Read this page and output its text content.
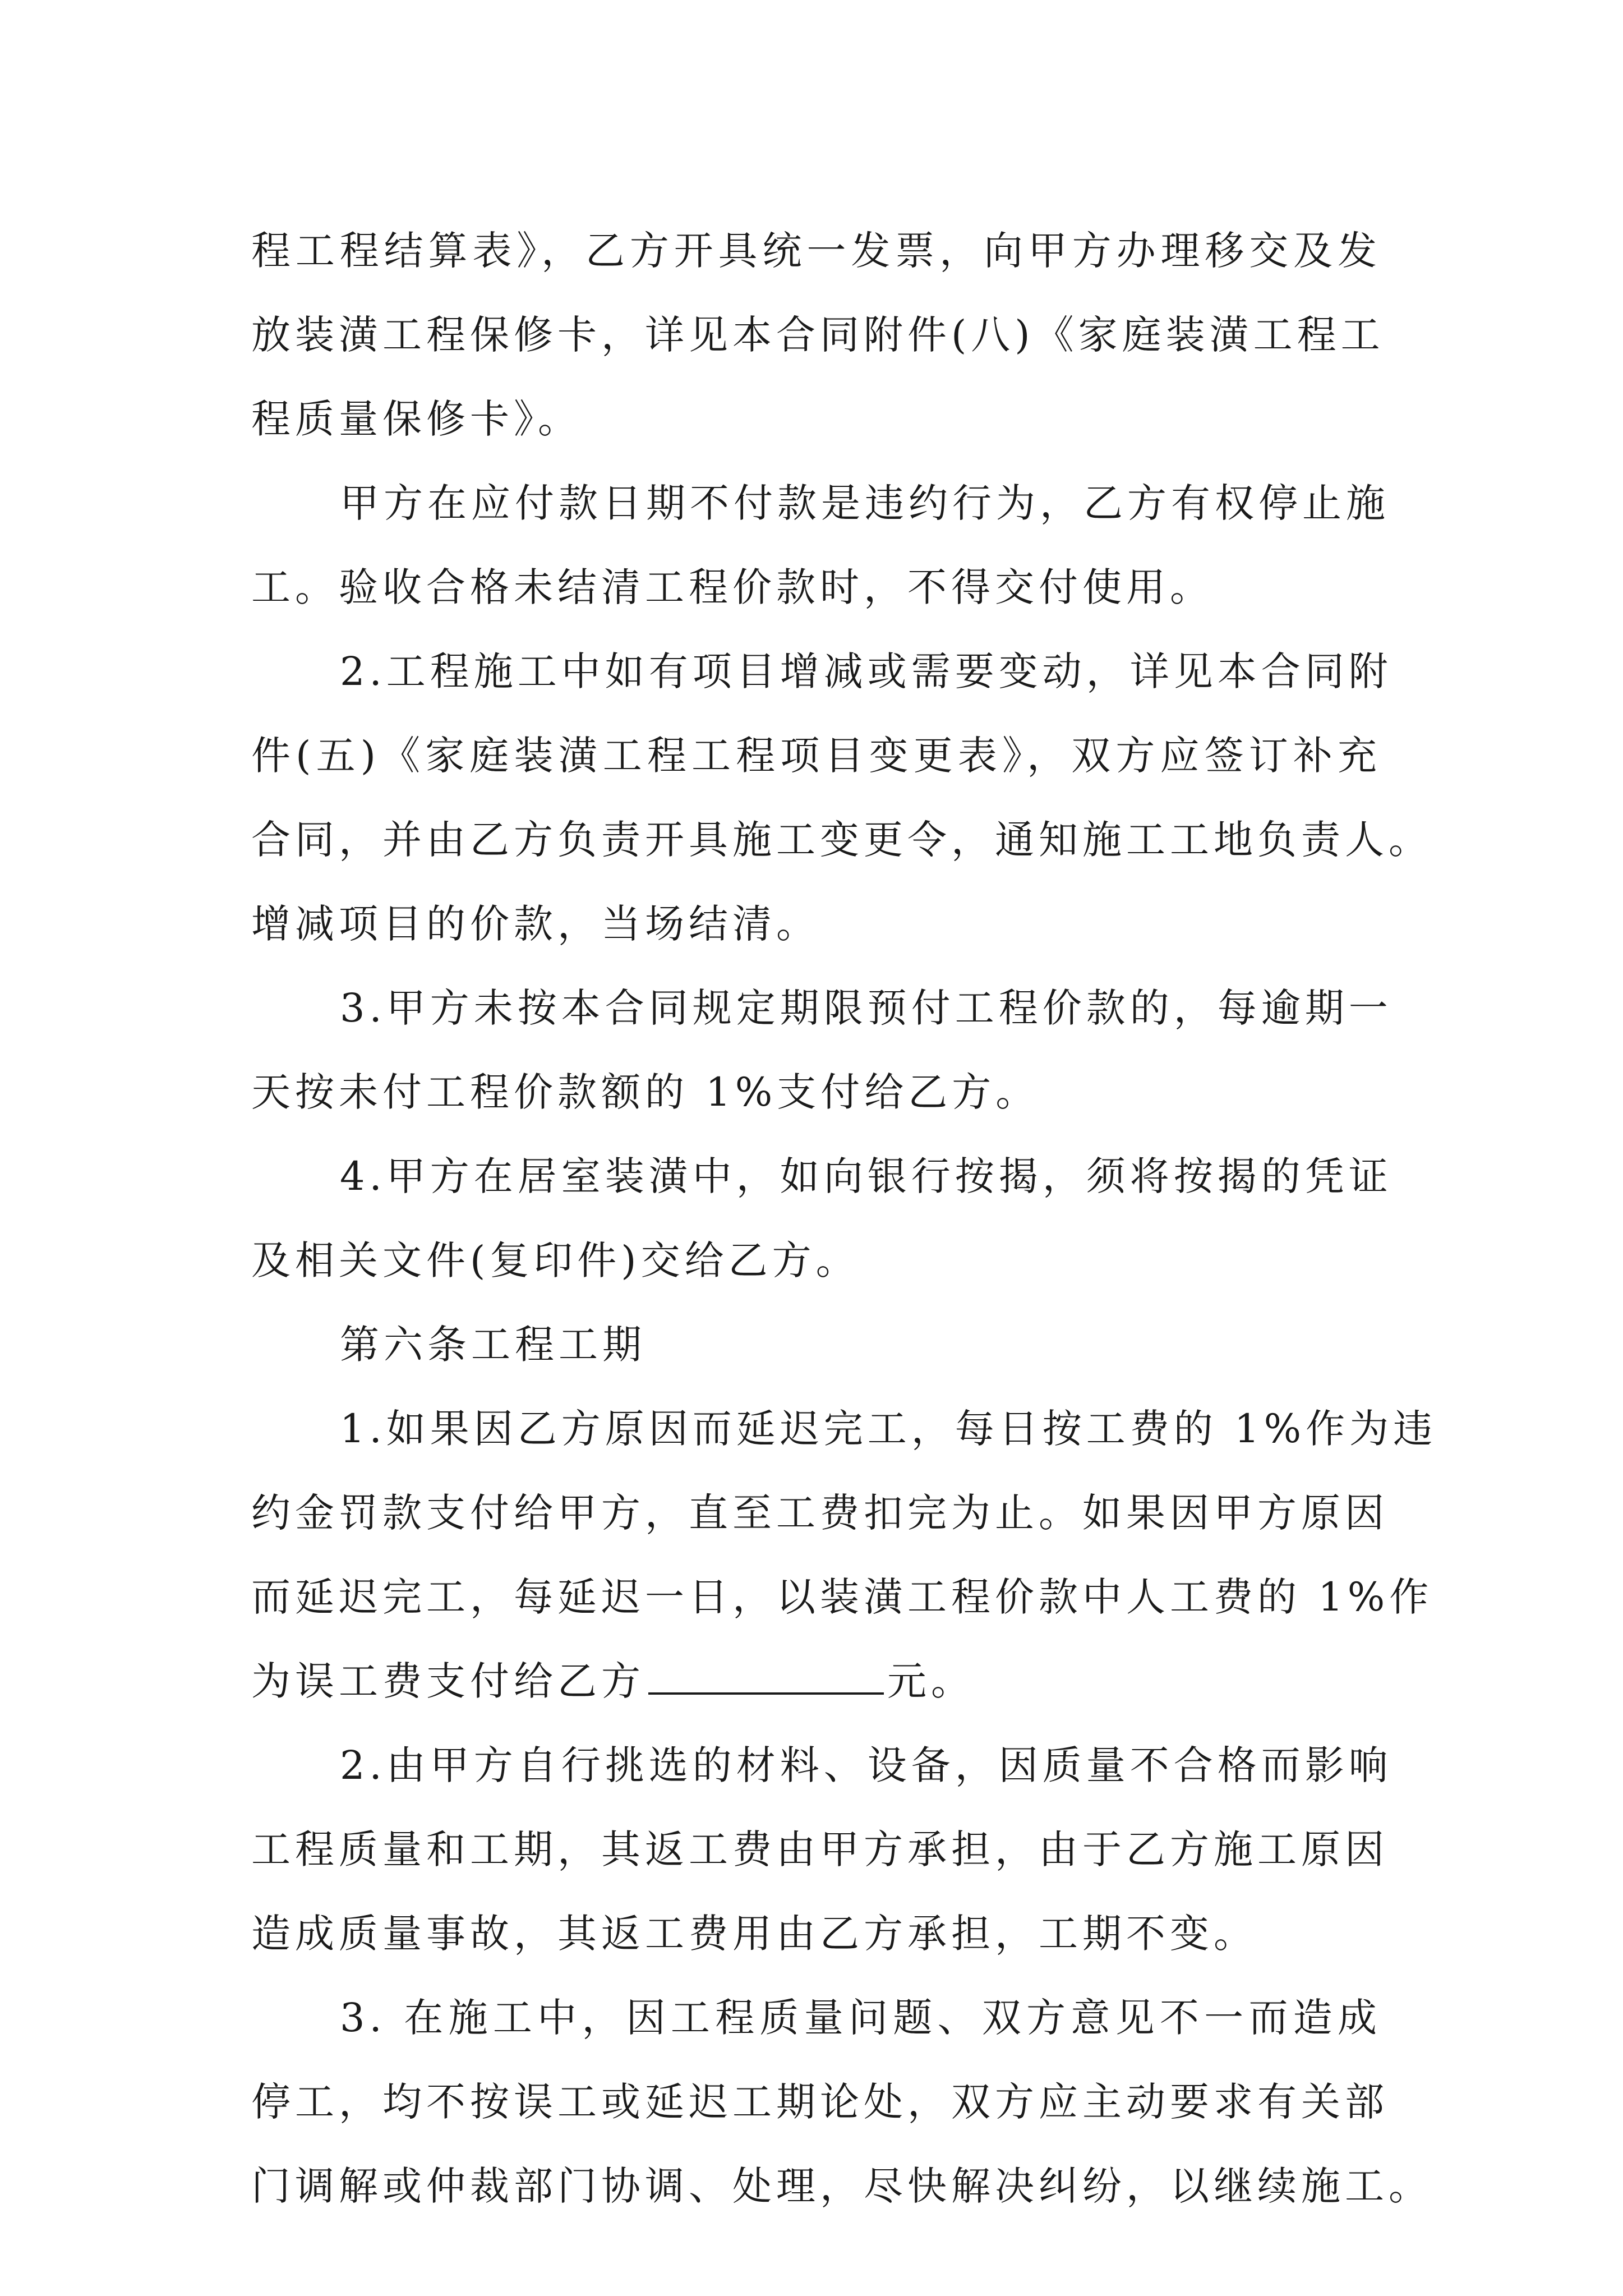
程工程结算表》，乙方开具统一发票，向甲方办理移交及发
放装潢工程保修卡，详见本合同附件(八)《家庭装潢工程工
程质量保修卡》。
甲方在应付款日期不付款是违约行为，乙方有权停止施
工。验收合格未结清工程价款时，不得交付使用。
2.工程施工中如有项目增减或需要变动，详见本合同附
件(五)《家庭装潢工程工程项目变更表》，双方应签订补充
合同，并由乙方负责开具施工变更令，通知施工工地负责人。
增减项目的价款，当场结清。
3.甲方未按本合同规定期限预付工程价款的，每逾期一
天按未付工程价款额的 1%支付给乙方。
4.甲方在居室装潢中，如向银行按揭，须将按揭的凭证
及相关文件(复印件)交给乙方。
第六条工程工期
1.如果因乙方原因而延迟完工，每日按工费的 1%作为违
约金罚款支付给甲方，直至工费扣完为止。如果因甲方原因
而延迟完工，每延迟一日，以装潢工程价款中人工费的 1%作
为误工费支付给乙方	元。
2.由甲方自行挑选的材料、设备，因质量不合格而影响
工程质量和工期，其返工费由甲方承担，由于乙方施工原因
造成质量事故，其返工费用由乙方承担，工期不变。
3. 在施工中，因工程质量问题、双方意见不一而造成
停工，均不按误工或延迟工期论处，双方应主动要求有关部
门调解或仲裁部门协调、处理，尽快解决纠纷，以继续施工。
